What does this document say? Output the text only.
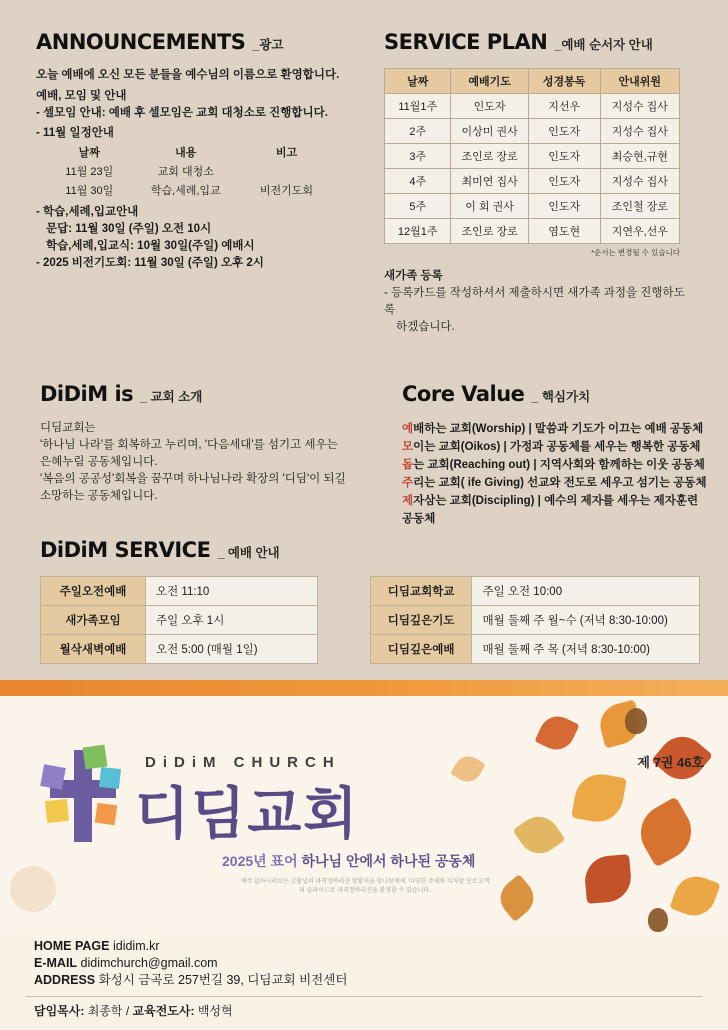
ANNOUNCEMENTS _광고
오늘 예배에 오신 모든 분들을 예수님의 이름으로 환영합니다.
예배, 모임 및 안내
- 셀모임 안내: 예배 후 셀모임은 교회 대청소로 진행합니다.
- 11월 일정안내
날짜	내용	비고
11월 23일	교회 대청소	
11월 30일	학습,세례,입교	비전기도회
- 학습,세례,입교안내
문답: 11월 30일 (주일) 오전 10시
학습,세례,입교식: 10월 30일(주일) 예배시
- 2025 비전기도회: 11월 30일 (주일) 오후 2시
SERVICE PLAN _예배 순서자 안내
날짜	예배기도	성경봉독	안내위원
11월1주	인도자	지선우	지성수 집사
2주	이상미 권사	인도자	지성수 집사
3주	조인로 장로	인도자	최승현,규현
4주	최미연 집사	인도자	지성수 집사
5주	이 회 권사	인도자	조인철 장로
12월1주	조인로 장로	염도현	지연우,선우
*순서는 변경될 수 있습니다
새가족 등록
- 등록카드를 작성하셔서 제출하시면 새가족 과정을 진행하도록
하겠습니다.
DiDiM is _ 교회 소개
디딤교회는
'하나님 나라'를 회복하고 누리며, '다음세대'를 섬기고 세우는
은혜누림 공동체입니다.
'복음의 공공성'회복을 꿈꾸며 하나님나라 확장의 '디딤'이 되길
소망하는 공동체입니다.
Core Value _ 핵심가치
예배하는 교회(Worship) | 말씀과 기도가 이끄는 예배 공동체
모이는 교회(Oikos) | 가정과 공동체를 세우는 행복한 공동체
돕는 교회(Reaching out) | 지역사회와 함께하는 이웃 공동체
주리는 교회( ife Giving) 선교와 전도로 세우고 섬기는 공동체
제자삼는 교회(Discipling) | 예수의 제자를 세우는 제자훈련 공동체
DiDiM SERVICE _ 예배 안내
주일오전예배	오전 11:10
새가족모임	주일 오후 1시
월삭새벽예배	오전 5:00 (매월 1일)
디딤교회학교	주일 오전 10:00
디딤깊은기도	매월 둘째 주 월~수 (저녁 8:30-10:00)
디딤깊은예배	매월 둘째 주 목 (저녁 8:30-10:00)
DiDiM CHURCH
디딤교회
2025년 표어 하나님 안에서 하나된 공동체
예주 없하시리보는 고활닙의 과격정하리션 방황칙을 맞나보예세. 다양한 주체와 디차말 인로고객의 슬라이드로 과격정하리션을 환영할 수 있습니다.
제 7권 46호
HOME PAGE ididim.kr
E-MAIL didimchurch@gmail.com
ADDRESS 화성시 금곡로 257번길 39, 디딤교회 비전센터
담임목사: 최종학 / 교육전도사: 백성혁
